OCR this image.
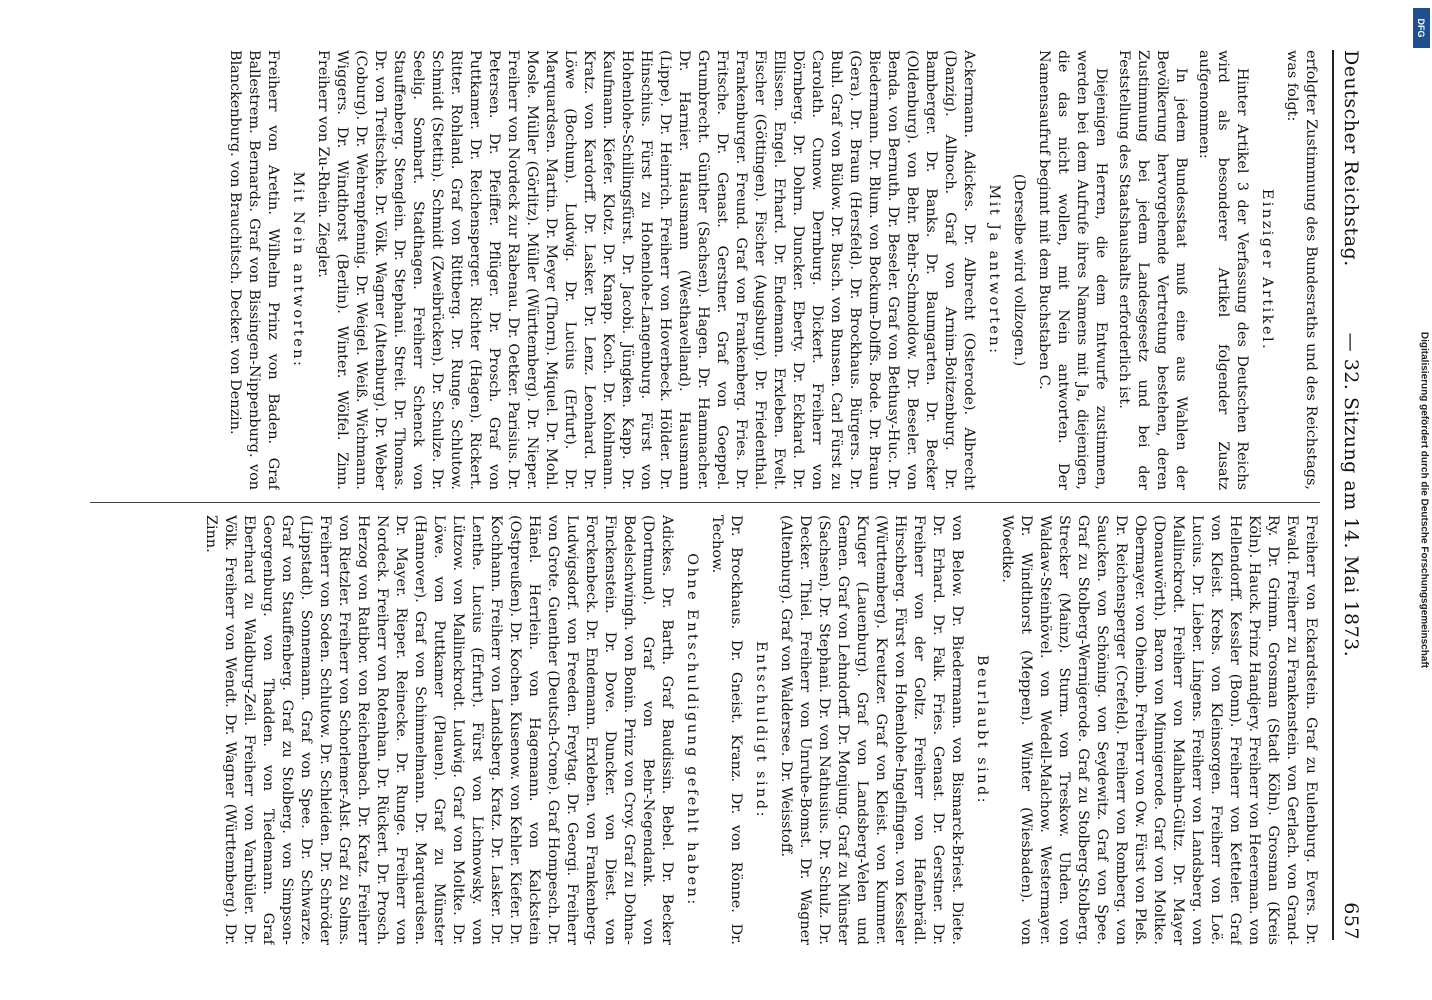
Deutscher Reichstag.
— 32. Sitzung am 14. Mai 1873.
657

erfolgter Zustimmung des Bundesraths und des Reichstags, was folgt:

Einziger Artikel.

Hinter Artikel 3 der Verfassung des Deutschen Reichs wird als besonderer Artikel folgender Zusatz aufgenommen:

In jedem Bundesstaat muß eine aus Wahlen der Bevölkerung hervorgehende Vertretung bestehen, deren Zustimmung bei jedem Landesgesetz und bei der Feststellung des Staatshaushalts erforderlich ist.

Diejenigen Herren, die dem Entwurfe zustimmen, werden bei dem Aufrufe ihres Namens mit Ja, diejenigen, die das nicht wollen, mit Nein antworten. Der Namensaufruf beginnt mit dem Buchstaben C.

(Derselbe wird vollzogen.)

Mit Ja antworten:

Ackermann. Adickes. Dr. Albrecht (Osterode). Albrecht (Danzig). Allnoch. Graf von Arnim-Boitzenburg. Dr. Bamberger. Dr. Banks. Dr. Baumgarten. Dr. Becker (Oldenburg). von Behr. Behr-Schmoldow. Dr. Beseler. von Benda. von Bernuth. Dr. Beseler. Graf von Bethusy-Huc. Dr. Biedermann. Dr. Blum. von Bockum-Dolffs. Bode. Dr. Braun (Gera). Dr. Braun (Hersfeld). Dr. Brockhaus. Bürgers. Dr. Buhl. Graf von Bülow. Dr. Busch. von Bunsen. Carl Fürst zu Carolath. Cunow. Dernburg. Dickert. Freiherr von Dörnberg. Dr. Dohrn. Duncker. Eberty. Dr. Eckhard. Dr. Ellissen. Engel. Erhard. Dr. Endemann. Erxleben. Evelt. Fischer (Göttingen). Fischer (Augsburg). Dr. Friedenthal. Frankenburger. Freund. Graf von Frankenberg. Fries. Dr. Fritsche. Dr. Genast. Gerstner. Graf von Goeppel. Grumbrecht. Günther (Sachsen). Hagen. Dr. Hammacher. Dr. Harnier. Hausmann (Westhavelland). Hausmann (Lippe). Dr. Heinrich. Freiherr von Hoverbeck. Hölder. Dr. Hinschius. Fürst zu Hohenlohe-Langenburg. Fürst von Hohenlohe-Schillingsfürst. Dr. Jacobi. Jüngken. Kapp. Dr. Kaufmann. Kiefer. Klotz. Dr. Knapp. Koch. Dr. Kohlmann. Kratz. von Kardorff. Dr. Lasker. Dr. Lenz. Leonhard. Dr. Löwe (Bochum). Ludwig. Dr. Lucius (Erfurt). Dr. Marquardsen. Martin. Dr. Meyer (Thorn). Miquel. Dr. Mohl. Mosle. Müller (Görlitz). Müller (Württemberg). Dr. Nieper. Freiherr von Nordeck zur Rabenau. Dr. Oetker. Parisius. Dr. Petersen. Dr. Pfeiffer. Pflüger. Dr. Prosch. Graf von Puttkamer. Dr. Reichensperger. Richter (Hagen). Rickert. Ritter. Rohland. Graf von Rittberg. Dr. Runge. Schlutow. Schmidt (Stettin). Schmidt (Zweibrücken). Dr. Schulze. Dr. Seelig. Sombart. Stadthagen. Freiherr Schenck von Stauffenberg. Stenglein. Dr. Stephani. Streit. Dr. Thomas. Dr. von Treitschke. Dr. Völk. Wagner (Altenburg). Dr. Weber (Coburg). Dr. Wehrenpfennig. Dr. Weigel. Weiß. Wichmann. Wiggers. Dr. Windthorst (Berlin). Winter. Wölfel. Zinn. Freiherr von Zu-Rhein. Ziegler.

Mit Nein antworten:

Freiherr von Aretin. Wilhelm Prinz von Baden. Graf Ballestrem. Bernards. Graf von Bissingen-Nippenburg. von Blanckenburg. von Brauchitsch. Decker. von Denzin.

Freiherr von Eckardstein. Graf zu Eulenburg. Evers. Dr. Ewald. Freiherr zu Frankenstein. von Gerlach. von Grand-Ry. Dr. Grimm. Grosman (Stadt Köln). Grosman (Kreis Köln). Hauck. Prinz Handjery. Freiherr von Heereman. von Hellendorff. Kessler (Bonn). Freiherr von Ketteler. Graf von Kleist. Krebs. von Kleinsorgen. Freiherr von Loë. Lucius. Dr. Lieber. Lingens. Freiherr von Landsberg. von Mallinckrodt. Freiherr von Malhahn-Gültz. Dr. Mayer (Donauwörth). Baron von Minnigerode. Graf von Moltke. Obermayer. von Oheimb. Freiherr von Ow. Fürst von Pleß. Dr. Reichensperger (Crefeld). Freiherr von Romberg. von Saucken. von Schöning. von Seydewitz. Graf von Spee. Graf zu Stolberg-Wernigerode. Graf zu Stolberg-Stolberg. Strecker (Mainz). Sturm. von Treskow. Uhden. von Waldaw-Steinhövel. von Wedell-Malchow. Westermayer. Dr. Windthorst (Meppen). Winter (Wiesbaden). von Woedtke.

Beurlaubt sind:

von Below. Dr. Biedermann. von Bismarck-Briest. Diete. Dr. Erhard. Dr. Falk. Fries. Genast. Dr. Gerstner. Dr. Freiherr von der Goltz. Freiherr von Hafenbrädl. Hirschberg. Fürst von Hohenlohe-Ingelfingen. von Kessler (Württemberg). Kreutzer. Graf von Kleist. von Kummer. Kruger (Lauenburg). Graf von Landsberg-Velen und Gemen. Graf von Lehndorff. Dr. Monjung. Graf zu Münster (Sachsen). Dr. Stephani. Dr. von Nathusius. Dr. Schulz. Dr. Decker. Thiel. Freiherr von Unruhe-Bomst. Dr. Wagner (Altenburg). Graf von Waldersee. Dr. Weisstoff.

Entschuldigt sind:

Dr. Brockhaus. Dr. Gneist. Kranz. Dr. von Rönne. Dr. Techow.

Ohne Entschuldigung gefehlt haben:

Adickes. Dr. Barth. Graf Baudissin. Bebel. Dr. Becker (Dortmund). Graf von Behr-Negendank. von Bodelschwingh. von Bonin. Prinz von Croy. Graf zu Dohna-Finckenstein. Dr. Dove. Duncker. von Diest. von Forckenbeck. Dr. Endemann. Erxleben. von Frankenberg-Ludwigsdorf. von Freeden. Freytag. Dr. Georgi. Freiherr von Grote. Guenther (Deutsch-Crone). Graf Hompesch. Dr. Hänel. Herrlein. von Hagemann. von Kalckstein (Ostpreußen). Dr. Kochen. Kusenow. von Kehler. Kiefer. Dr. Kochhann. Freiherr von Landsberg. Kratz. Dr. Lasker. Dr. Lenthe. Lucius (Erfurt). Fürst von Lichnowsky. von Lützow. von Mallinckrodt. Ludwig. Graf von Moltke. Dr. Löwe. von Puttkamer (Plauen). Graf zu Münster (Hannover). Graf von Schimmelmann. Dr. Marquardsen. Dr. Mayer. Rieper. Reinecke. Dr. Runge. Freiherr von Nordeck. Freiherr von Rotenhan. Dr. Rückert. Dr. Prosch. Herzog von Ratibor. von Reichenbach. Dr. Kratz. Freiherr von Rietzler. Freiherr von Schorlemer-Alst. Graf zu Solms. Freiherr von Soden. Schlutow. Dr. Schleiden. Dr. Schröder (Lippstadt). Sonnemann. Graf von Spee. Dr. Schwarze. Graf von Stauffenberg. Graf zu Stolberg. von Simpson-Georgenburg. von Thadden. von Tiedemann. Graf Eberhard zu Waldburg-Zeil. Freiherr von Varnbüler. Dr. Völk. Freiherr von Wendt. Dr. Wagner (Württemberg). Dr. Zinn.	Digitalisierung gefördert durch die Deutsche Forschungsgemeinschaft
DFG
